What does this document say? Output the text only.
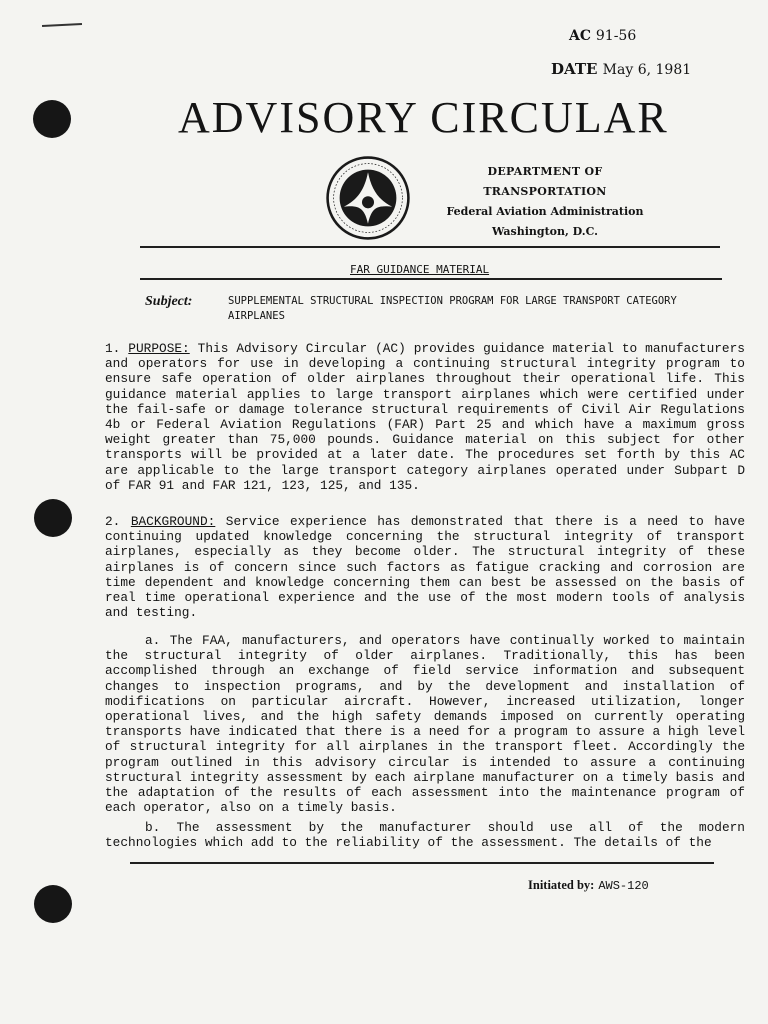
AC 91-56
DATE May 6, 1981
ADVISORY CIRCULAR
DEPARTMENT OF TRANSPORTATION
Federal Aviation Administration
Washington, D.C.
FAR GUIDANCE MATERIAL
Subject:	SUPPLEMENTAL STRUCTURAL INSPECTION PROGRAM FOR LARGE TRANSPORT CATEGORY AIRPLANES
1. PURPOSE: This Advisory Circular (AC) provides guidance material to manufacturers and operators for use in developing a continuing structural integrity program to ensure safe operation of older airplanes throughout their operational life. This guidance material applies to large transport airplanes which were certified under the fail-safe or damage tolerance structural requirements of Civil Air Regulations 4b or Federal Aviation Regulations (FAR) Part 25 and which have a maximum gross weight greater than 75,000 pounds. Guidance material on this subject for other transports will be provided at a later date. The procedures set forth by this AC are applicable to the large transport category airplanes operated under Subpart D of FAR 91 and FAR 121, 123, 125, and 135.
2. BACKGROUND: Service experience has demonstrated that there is a need to have continuing updated knowledge concerning the structural integrity of transport airplanes, especially as they become older. The structural integrity of these airplanes is of concern since such factors as fatigue cracking and corrosion are time dependent and knowledge concerning them can best be assessed on the basis of real time operational experience and the use of the most modern tools of analysis and testing.
a. The FAA, manufacturers, and operators have continually worked to maintain the structural integrity of older airplanes. Traditionally, this has been accomplished through an exchange of field service information and subsequent changes to inspection programs, and by the development and installation of modifications on particular aircraft. However, increased utilization, longer operational lives, and the high safety demands imposed on currently operating transports have indicated that there is a need for a program to assure a high level of structural integrity for all airplanes in the transport fleet. Accordingly the program outlined in this advisory circular is intended to assure a continuing structural integrity assessment by each airplane manufacturer on a timely basis and the adaptation of the results of each assessment into the maintenance program of each operator, also on a timely basis.
b. The assessment by the manufacturer should use all of the modern technologies which add to the reliability of the assessment. The details of the
Initiated by: AWS-120
